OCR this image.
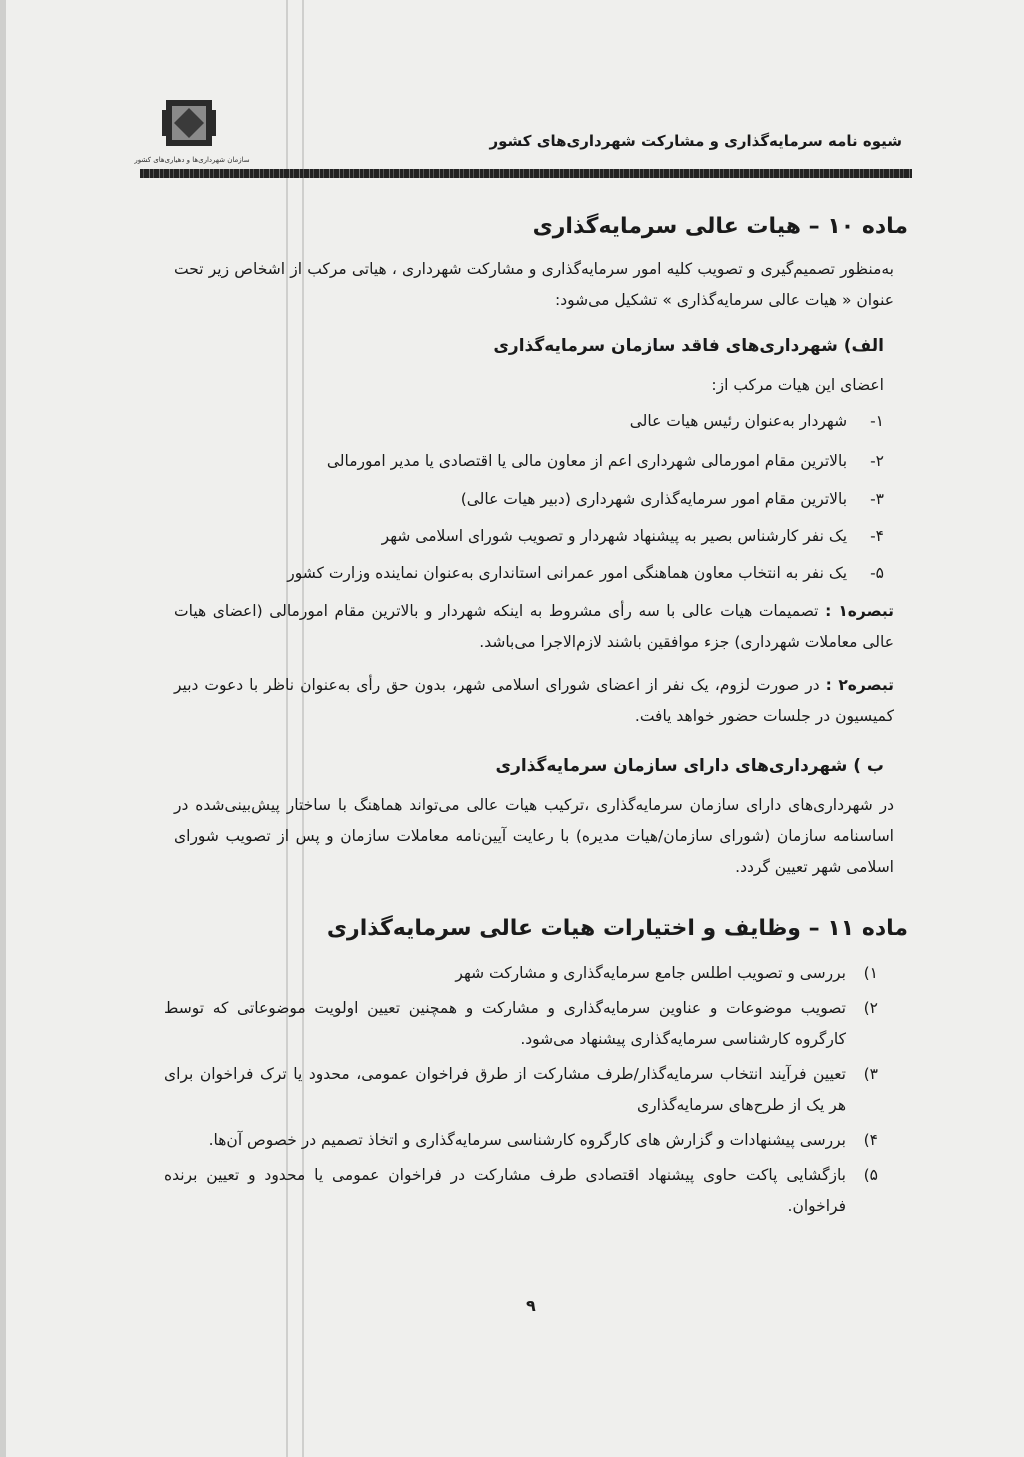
سازمان شهرداری‌ها و دهیاری‌های کشور
شیوه نامه سرمایه‌گذاری و مشارکت شهرداری‌های کشور
ماده ۱۰ – هیات عالی سرمایه‌گذاری
به‌منظور تصمیم‌گیری و تصویب کلیه امور سرمایه‌گذاری و مشارکت شهرداری ، هیاتی مرکب از اشخاص زیر تحت عنوان « هیات عالی سرمایه‌گذاری » تشکیل می‌شود:
الف) شهرداری‌های فاقد سازمان سرمایه‌گذاری
اعضای این هیات مرکب از:
۱- شهردار به‌عنوان رئیس هیات عالی
۲- بالاترین مقام امورمالی شهرداری اعم از معاون مالی یا اقتصادی یا مدیر امورمالی
۳- بالاترین مقام امور سرمایه‌گذاری شهرداری (دبیر هیات عالی)
۴- یک نفر کارشناس بصیر به پیشنهاد شهردار و تصویب شورای اسلامی شهر
۵- یک نفر به انتخاب معاون هماهنگی امور عمرانی استانداری به‌عنوان نماینده وزارت کشور
تبصره۱ : تصمیمات هیات عالی با سه رأی مشروط به اینکه شهردار و بالاترین مقام امورمالی (اعضای هیات عالی معاملات شهرداری) جزء موافقین باشند لازم‌الاجرا می‌باشد.
تبصره۲ : در صورت لزوم، یک نفر از اعضای شورای اسلامی شهر، بدون حق رأی به‌عنوان ناظر با دعوت دبیر کمیسیون در جلسات حضور خواهد یافت.
ب ) شهرداری‌های دارای سازمان سرمایه‌گذاری
در شهرداری‌های دارای سازمان سرمایه‌گذاری ،ترکیب هیات عالی می‌تواند هماهنگ با ساختار پیش‌بینی‌شده در اساسنامه سازمان (شورای سازمان/هیات مدیره) با رعایت آیین‌نامه معاملات سازمان و پس از تصویب شورای اسلامی شهر تعیین گردد.
ماده ۱۱ – وظایف و اختیارات هیات عالی سرمایه‌گذاری
۱)
بررسی و تصویب اطلس جامع سرمایه‌گذاری و مشارکت شهر
۲)
تصویب موضوعات و عناوین سرمایه‌گذاری و مشارکت و همچنین تعیین اولویت موضوعاتی که توسط کارگروه کارشناسی سرمایه‌گذاری پیشنهاد می‌شود.
۳)
تعیین فرآیند انتخاب سرمایه‌گذار/طرف مشارکت از طرق فراخوان عمومی، محدود یا ترک فراخوان برای هر یک از طرح‌های سرمایه‌گذاری
۴)
بررسی پیشنهادات و گزارش های کارگروه کارشناسی سرمایه‌گذاری و اتخاذ تصمیم در خصوص آن‌ها.
۵)
بازگشایی پاکت حاوی پیشنهاد اقتصادی طرف مشارکت در فراخوان عمومی یا محدود و تعیین برنده فراخوان.
۹
